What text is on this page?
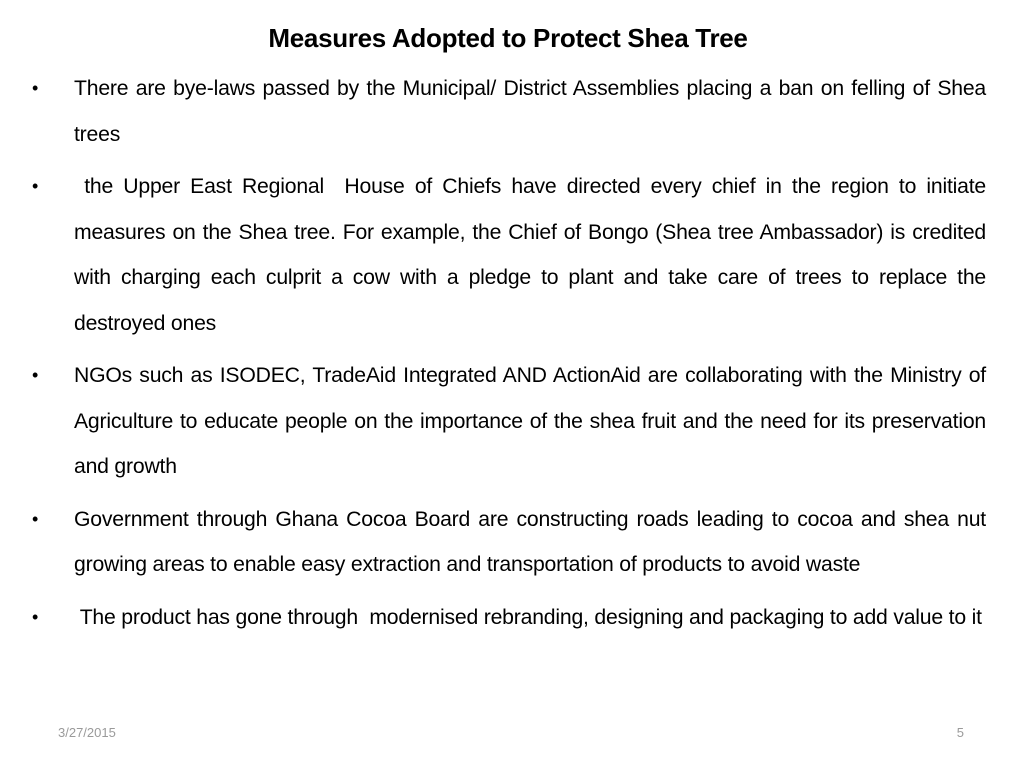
Measures Adopted to Protect Shea Tree
• There are bye-laws passed by the Municipal/ District Assemblies placing a ban on felling of Shea trees
• the Upper East Regional  House of Chiefs have directed every chief in the region to initiate measures on the Shea tree. For example, the Chief of Bongo (Shea tree Ambassador) is credited with charging each culprit a cow with a pledge to plant and take care of trees to replace the destroyed ones
• NGOs such as ISODEC, TradeAid Integrated AND ActionAid are collaborating with the Ministry of Agriculture to educate people on the importance of the shea fruit and the need for its preservation and growth
• Government through Ghana Cocoa Board are constructing roads leading to cocoa and shea nut growing areas to enable easy extraction and transportation of products to avoid waste
• The product has gone through  modernised rebranding, designing and packaging to add value to it
3/27/2015	5
